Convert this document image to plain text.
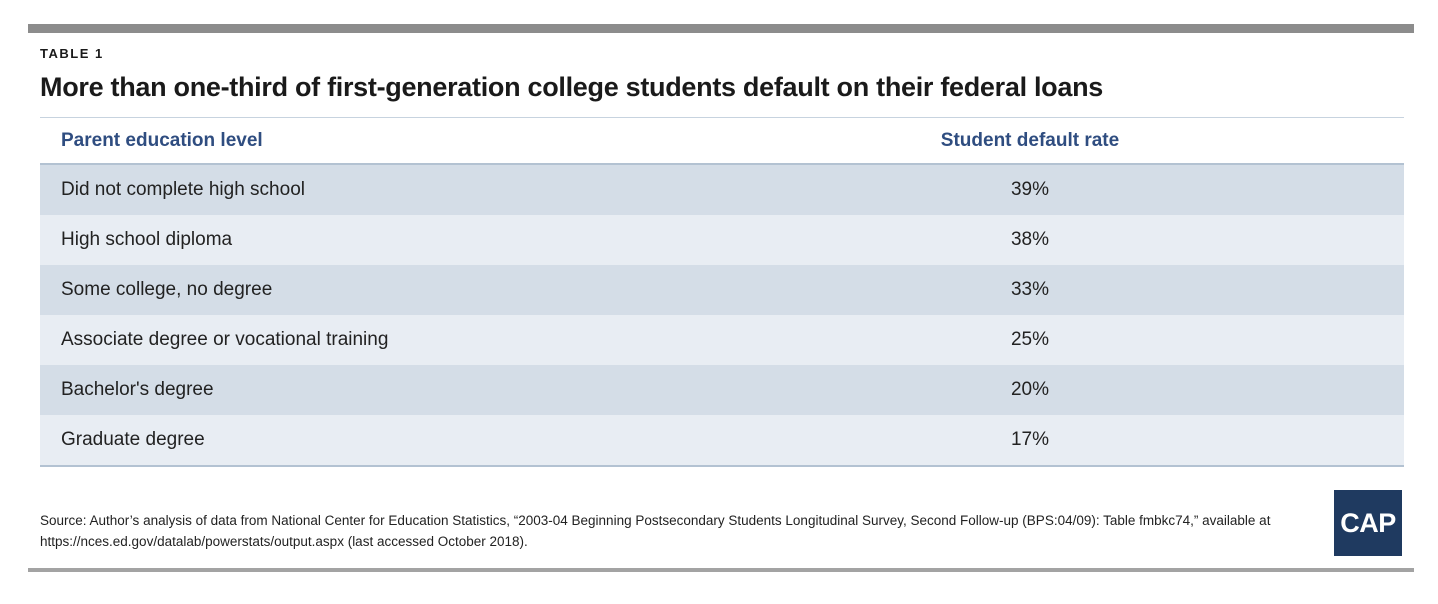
TABLE 1
More than one-third of first-generation college students default on their federal loans
Parent education level	Student default rate
Did not complete high school	39%
High school diploma	38%
Some college, no degree	33%
Associate degree or vocational training	25%
Bachelor's degree	20%
Graduate degree	17%
Source: Author’s analysis of data from National Center for Education Statistics, “2003-04 Beginning Postsecondary Students Longitudinal Survey, Second Follow-up (BPS:04/09): Table fmbkc74,” available at https://nces.ed.gov/datalab/powerstats/output.aspx (last accessed October 2018).
CAP
